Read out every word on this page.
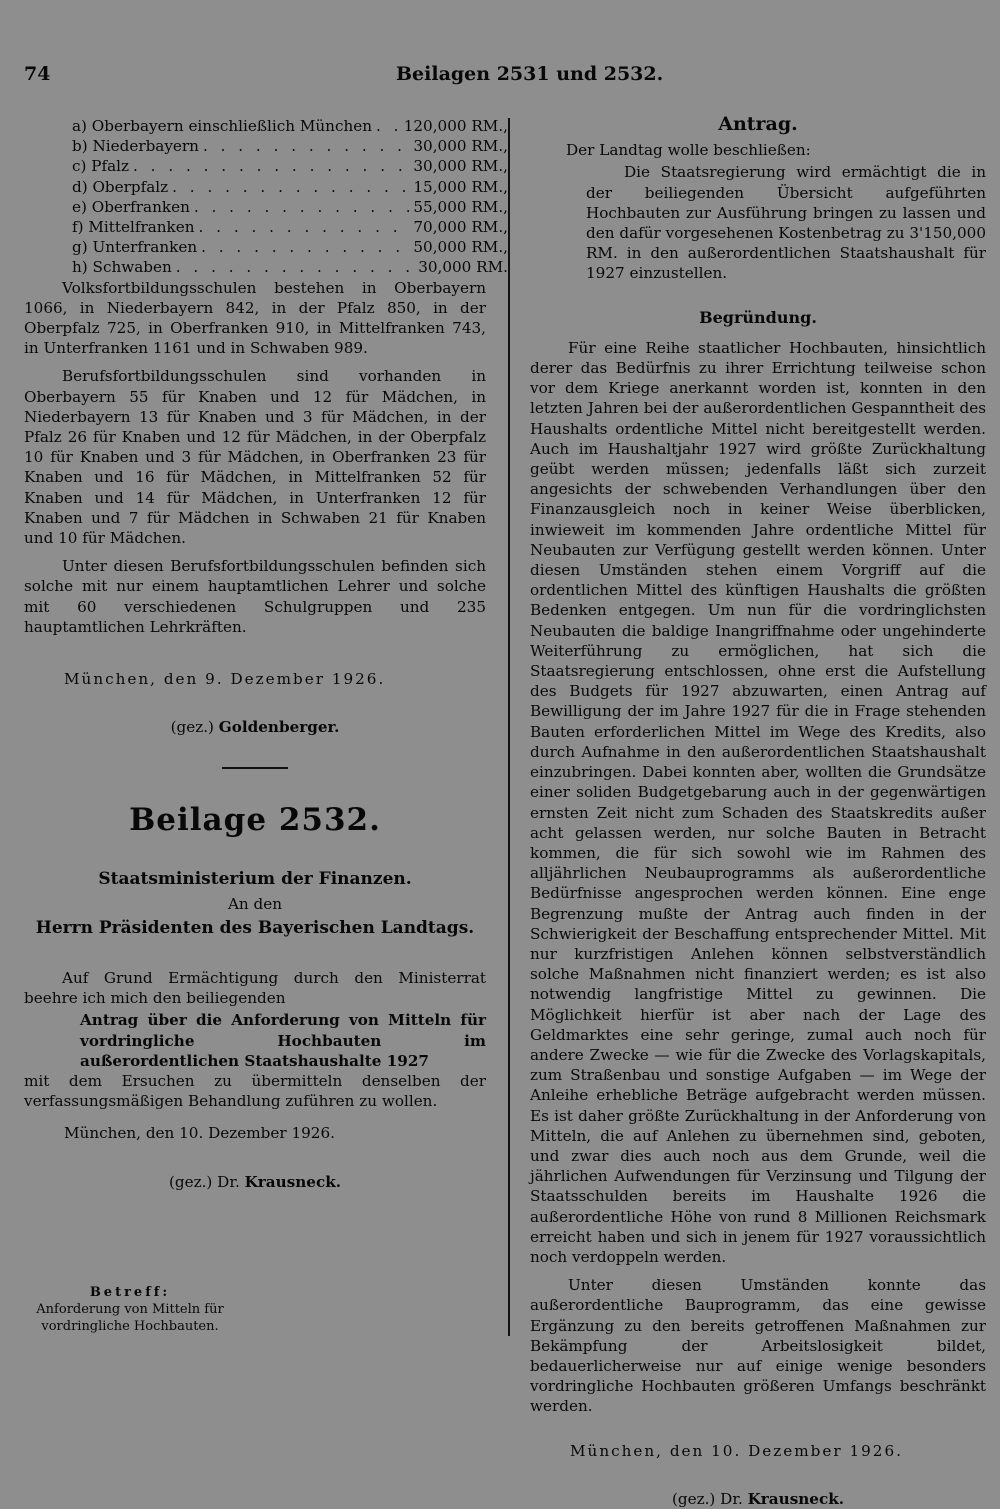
74	Beilagen 2531 und 2532.
a) Oberbayern einschließlich München . . . 120,000 RM.,
b) Niederbayern . . .	30,000 RM.,
c) Pfalz . . .	30,000 RM.,
d) Oberpfalz . . .	15,000 RM.,
e) Oberfranken . . .	55,000 RM.,
f) Mittelfranken . . .	70,000 RM.,
g) Unterfranken . . .	50,000 RM.,
h) Schwaben . . .	30,000 RM.

Volksfortbildungsschulen bestehen in Oberbayern 1066, in Niederbayern 842, in der Pfalz 850, in der Oberpfalz 725, in Oberfranken 910, in Mittelfranken 743, in Unterfranken 1161 und in Schwaben 989.

Berufsfortbildungsschulen sind vorhanden in Oberbayern 55 für Knaben und 12 für Mädchen, in Niederbayern 13 für Knaben und 3 für Mädchen, in der Pfalz 26 für Knaben und 12 für Mädchen, in der Oberpfalz 10 für Knaben und 3 für Mädchen, in Oberfranken 23 für Knaben und 16 für Mädchen, in Mittelfranken 52 für Knaben und 14 für Mädchen, in Unterfranken 12 für Knaben und 7 für Mädchen in Schwaben 21 für Knaben und 10 für Mädchen.

Unter diesen Berufsfortbildungsschulen befinden sich solche mit nur einem hauptamtlichen Lehrer und solche mit 60 verschiedenen Schulgruppen und 235 hauptamtlichen Lehrkräften.

München, den 9. Dezember 1926.

(gez.) Goldenberger.

Beilage 2532.
Staatsministerium der Finanzen.
An den
Herrn Präsidenten des Bayerischen Landtags.

Auf Grund Ermächtigung durch den Ministerrat beehre ich mich den beiliegenden

Antrag über die Anforderung von Mitteln für vordringliche Hochbauten im außerordentlichen Staatshaushalte 1927

mit dem Ersuchen zu übermitteln denselben der verfassungsmäßigen Behandlung zuführen zu wollen.

München, den 10. Dezember 1926.

(gez.) Dr. Krausneck.

Betreff:
Anforderung von Mitteln für vordringliche Hochbauten.
Antrag.

Der Landtag wolle beschließen:

Die Staatsregierung wird ermächtigt die in der beiliegenden Übersicht aufgeführten Hochbauten zur Ausführung bringen zu lassen und den dafür vorgesehenen Kostenbetrag zu 3'150,000 RM. in den außerordentlichen Staatshaushalt für 1927 einzustellen.

Begründung.

Für eine Reihe staatlicher Hochbauten, hinsichtlich derer das Bedürfnis zu ihrer Errichtung teilweise schon vor dem Kriege anerkannt worden ist, konnten in den letzten Jahren bei der außerordentlichen Gespanntheit des Haushalts ordentliche Mittel nicht bereitgestellt werden. Auch im Haushaltjahr 1927 wird größte Zurückhaltung geübt werden müssen; jedenfalls läßt sich zurzeit angesichts der schwebenden Verhandlungen über den Finanzausgleich noch in keiner Weise überblicken, inwieweit im kommenden Jahre ordentliche Mittel für Neubauten zur Verfügung gestellt werden können. Unter diesen Umständen stehen einem Vorgriff auf die ordentlichen Mittel des künftigen Haushalts die größten Bedenken entgegen. Um nun für die vordringlichsten Neubauten die baldige Inangriffnahme oder ungehinderte Weiterführung zu ermöglichen, hat sich die Staatsregierung entschlossen, ohne erst die Aufstellung des Budgets für 1927 abzuwarten, einen Antrag auf Bewilligung der im Jahre 1927 für die in Frage stehenden Bauten erforderlichen Mittel im Wege des Kredits, also durch Aufnahme in den außerordentlichen Staatshaushalt einzubringen. Dabei konnten aber, wollten die Grundsätze einer soliden Budgetgebarung auch in der gegenwärtigen ernsten Zeit nicht zum Schaden des Staatskredits außer acht gelassen werden, nur solche Bauten in Betracht kommen, die für sich sowohl wie im Rahmen des alljährlichen Neubauprogramms als außerordentliche Bedürfnisse angesprochen werden können. Eine enge Begrenzung mußte der Antrag auch finden in der Schwierigkeit der Beschaffung entsprechender Mittel. Mit nur kurzfristigen Anlehen können selbstverständlich solche Maßnahmen nicht finanziert werden; es ist also notwendig langfristige Mittel zu gewinnen. Die Möglichkeit hierfür ist aber nach der Lage des Geldmarktes eine sehr geringe, zumal auch noch für andere Zwecke — wie für die Zwecke des Vorlagskapitals, zum Straßenbau und sonstige Aufgaben — im Wege der Anleihe erhebliche Beträge aufgebracht werden müssen. Es ist daher größte Zurückhaltung in der Anforderung von Mitteln, die auf Anlehen zu übernehmen sind, geboten, und zwar dies auch noch aus dem Grunde, weil die jährlichen Aufwendungen für Verzinsung und Tilgung der Staatsschulden bereits im Haushalte 1926 die außerordentliche Höhe von rund 8 Millionen Reichsmark erreicht haben und sich in jenem für 1927 voraussichtlich noch verdoppeln werden.

Unter diesen Umständen konnte das außerordentliche Bauprogramm, das eine gewisse Ergänzung zu den bereits getroffenen Maßnahmen zur Bekämpfung der Arbeitslosigkeit bildet, bedauerlicherweise nur auf einige wenige besonders vordringliche Hochbauten größeren Umfangs beschränkt werden.

München, den 10. Dezember 1926.

(gez.) Dr. Krausneck.
